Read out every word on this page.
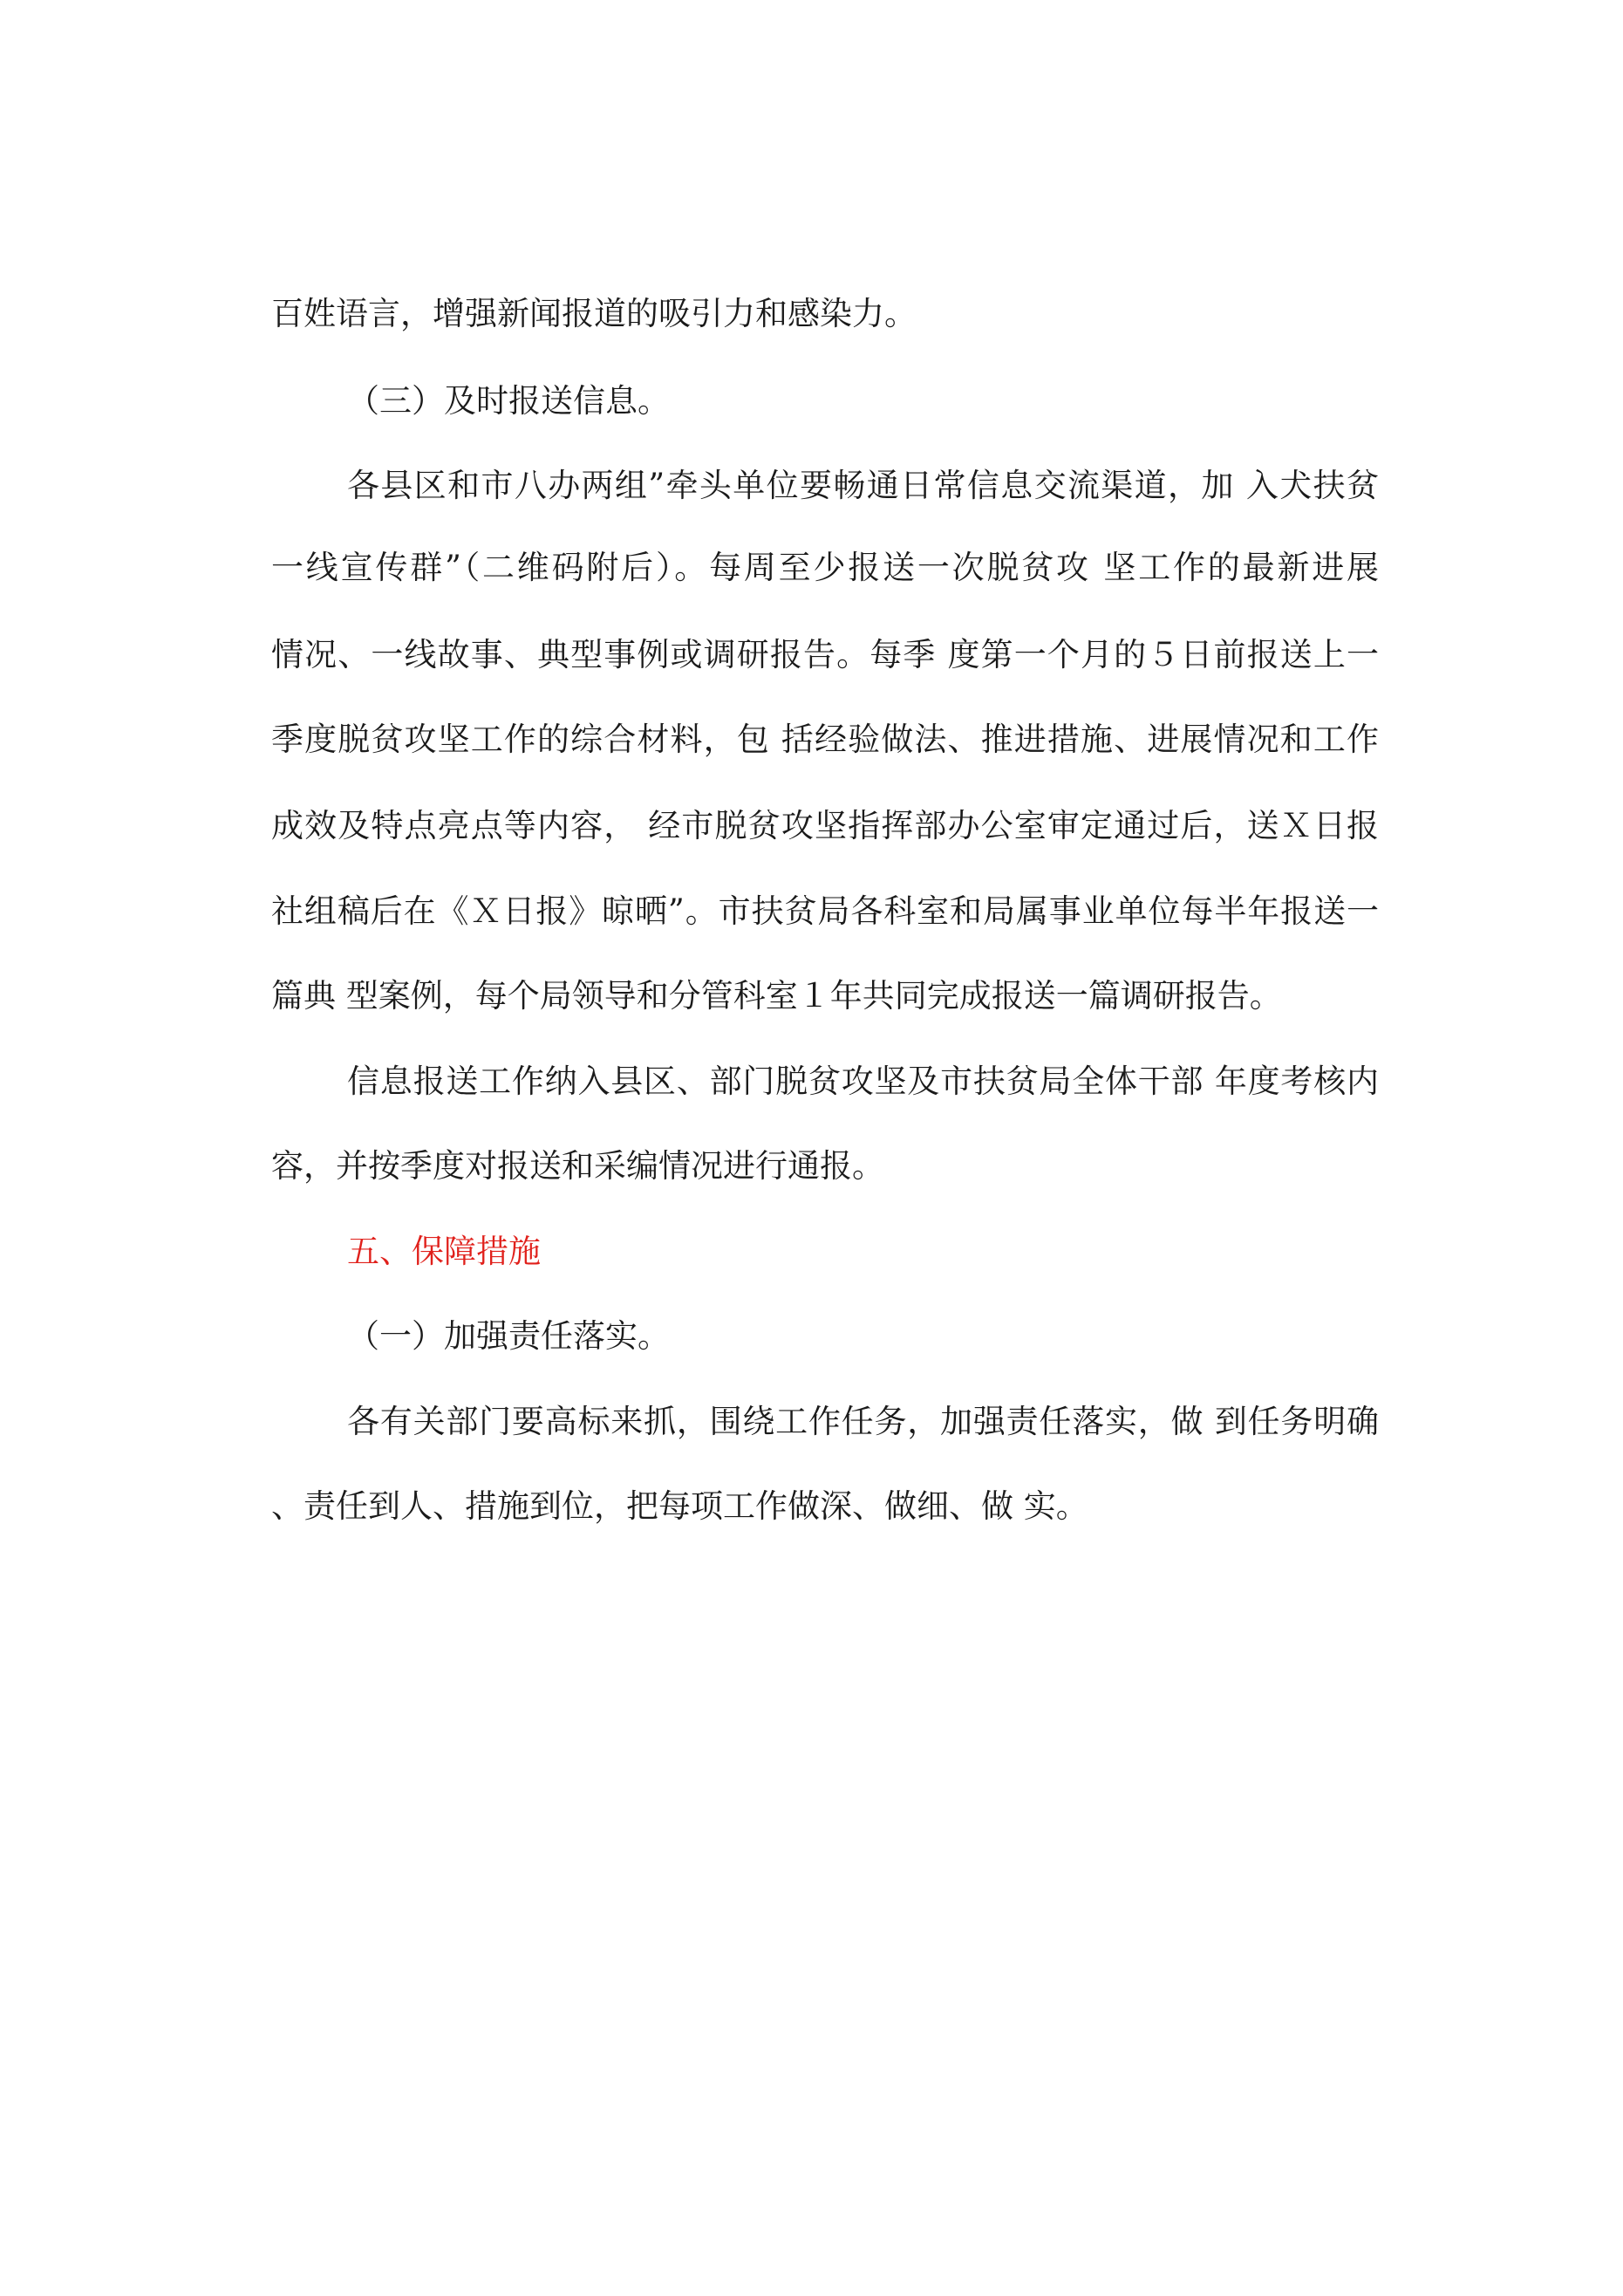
百姓语言，增强新闻报道的吸引力和感染力。
（三）及时报送信息。
各县区和市八办两组”牵头单位要畅通日常信息交流渠道，加 入犬扶贫
一线宣传群”（二维码附后）。每周至少报送一次脱贫攻 坚工作的最新进展
情况、一线故事、典型事例或调研报告。每季 度第一个月的５日前报送上一
季度脱贫攻坚工作的综合材料，包 括经验做法、推进措施、进展情况和工作
成效及特点亮点等内容， 经市脱贫攻坚指挥部办公室审定通过后，送Ｘ日报
社组稿后在《Ｘ日报》晾晒”。市扶贫局各科室和局属事业单位每半年报送一
篇典 型案例，每个局领导和分管科室１年共同完成报送一篇调研报告。
信息报送工作纳入县区、部门脱贫攻坚及市扶贫局全体干部 年度考核内
容，并按季度对报送和采编情况进行通报。
五、保障措施
（一）加强责任落实。
各有关部门要高标来抓，围绕工作任务，加强责任落实，做 到任务明确
、责任到人、措施到位，把每项工作做深、做细、做 实。
